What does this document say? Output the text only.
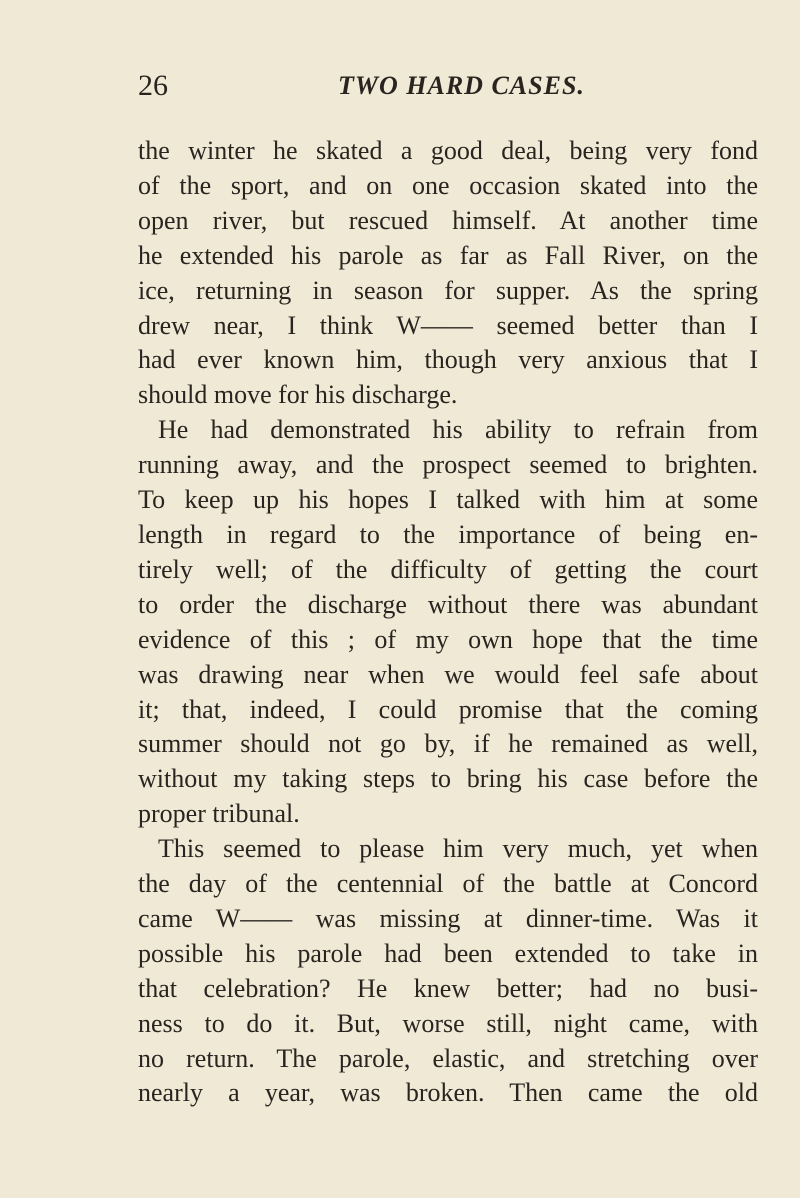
26	TWO HARD CASES.

the winter he skated a good deal, being very fond

of the sport, and on one occasion skated into the

open river, but rescued himself. At another time

he extended his parole as far as Fall River, on the

ice, returning in season for supper. As the spring

drew near, I think W—— seemed better than I

had ever known him, though very anxious that I

should move for his discharge.

He had demonstrated his ability to refrain from

running away, and the prospect seemed to brighten.

To keep up his hopes I talked with him at some

length in regard to the importance of being en-

tirely well; of the difficulty of getting the court

to order the discharge without there was abundant

evidence of this ; of my own hope that the time

was drawing near when we would feel safe about

it; that, indeed, I could promise that the coming

summer should not go by, if he remained as well,

without my taking steps to bring his case before the

proper tribunal.

This seemed to please him very much, yet when

the day of the centennial of the battle at Concord

came W—— was missing at dinner-time. Was it

possible his parole had been extended to take in

that celebration? He knew better; had no busi-

ness to do it. But, worse still, night came, with

no return. The parole, elastic, and stretching over

nearly a year, was broken. Then came the old
